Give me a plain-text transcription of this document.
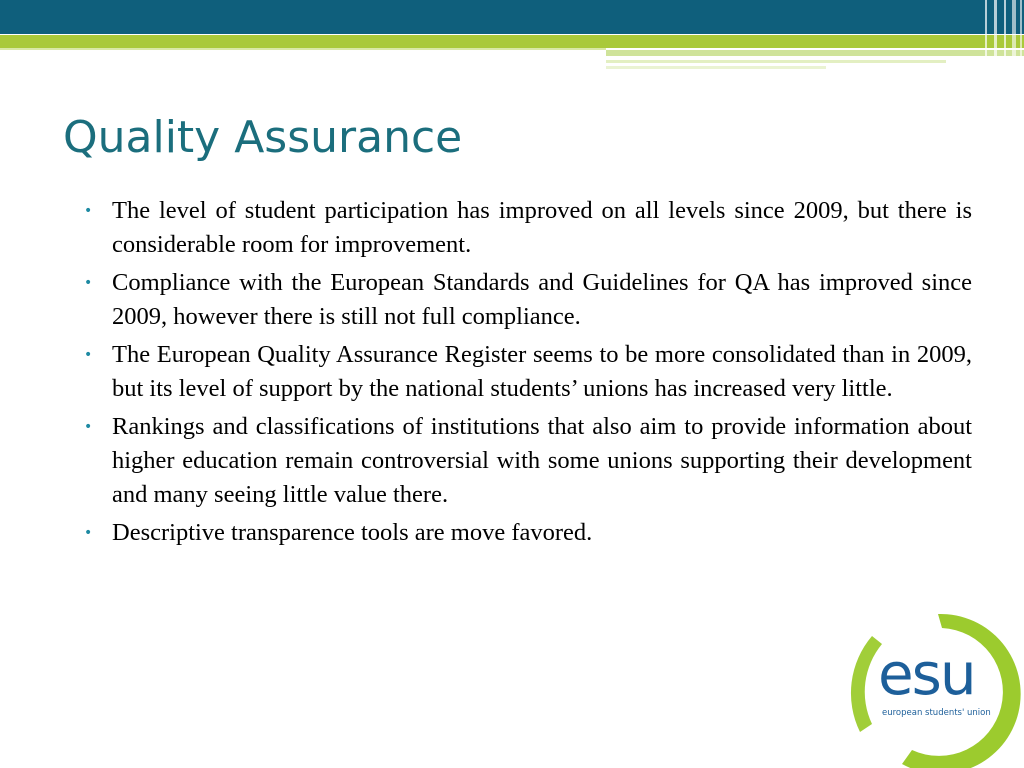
Quality Assurance
• The level of student participation has improved on all levels since 2009, but there is considerable room for improvement.
• Compliance with the European Standards and Guidelines for QA has improved since 2009, however there is still not full compliance.
• The European Quality Assurance Register seems to be more consolidated than in 2009, but its level of support by the national students’ unions has increased very little.
• Rankings and classifications of institutions that also aim to provide information about higher education remain controversial with some unions supporting their development and many seeing little value there.
• Descriptive transparence tools are move favored.
esu
european students' union
